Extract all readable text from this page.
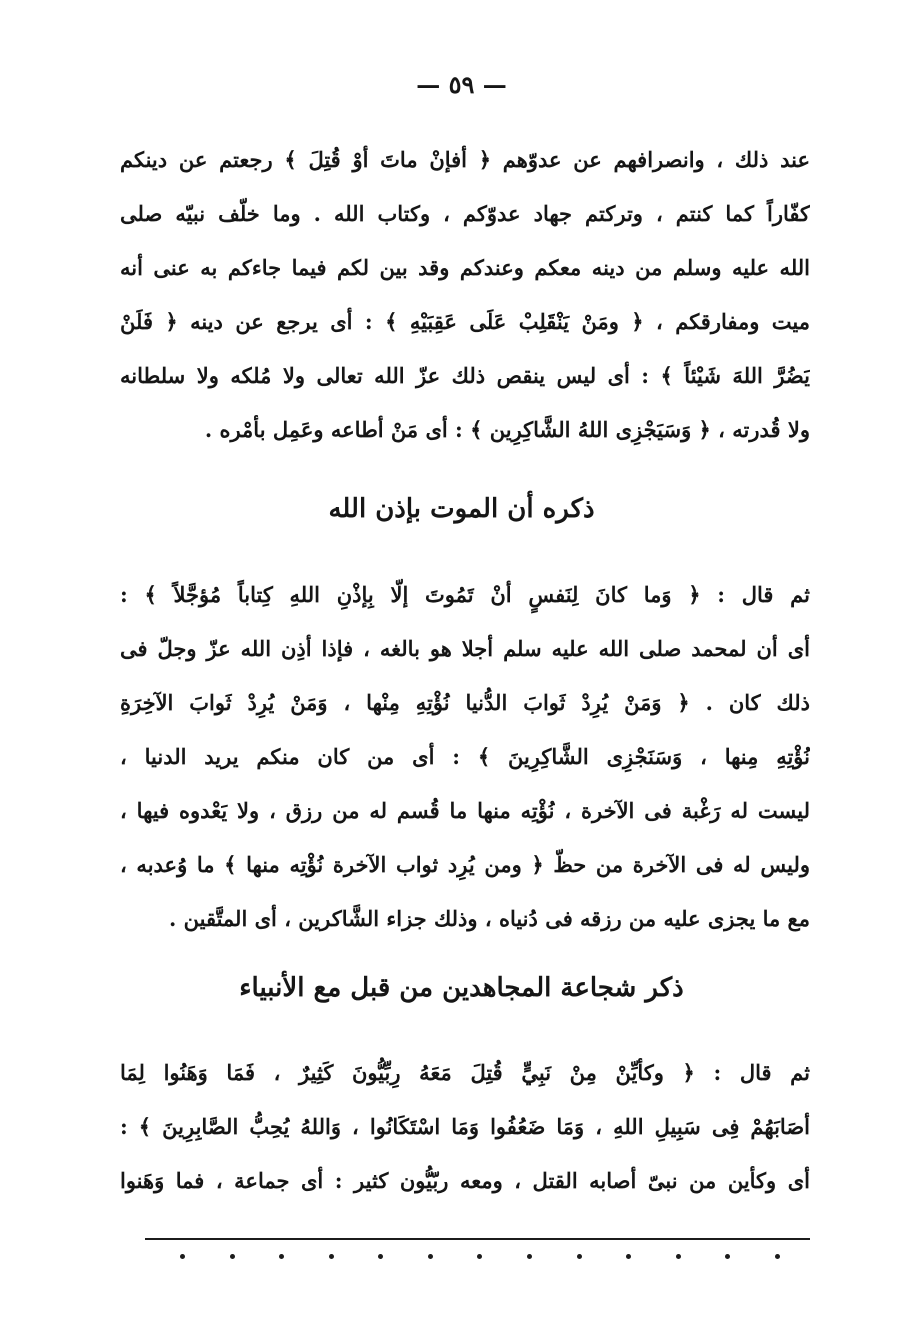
— ٥٩ —
عند ذلك ، وانصرافهم عن عدوّهم ﴿ أفإنْ ماتَ أوْ قُتِلَ ﴾ رجعتم عن دينكم
كفّاراً كما كنتم ، وتركتم جهاد عدوّكم ، وكتاب الله . وما خلّف نبيّه صلى
الله عليه وسلم من دينه معكم وعندكم وقد بين لكم فيما جاءكم به عنى أنه
ميت ومفارقكم ، ﴿ ومَنْ يَنْقَلِبْ عَلَى عَقِبَيْهِ ﴾ : أى يرجع عن دينه ﴿ فَلَنْ
يَضُرَّ اللهَ شَيْئاً ﴾ : أى ليس ينقص ذلك عزّ الله تعالى ولا مُلكه ولا سلطانه
ولا قُدرته ، ﴿ وَسَيَجْزِى اللهُ الشَّاكِرِين ﴾ : أى مَنْ أطاعه وعَمِل بأمْره .
ذكره أن الموت بإذن الله
ثم قال : ﴿ وَما كانَ لِنَفسٍ أنْ تَمُوتَ إلّا بِإذْنِ اللهِ كِتاباً مُؤجَّلاً ﴾ :
أى أن لمحمد صلى الله عليه سلم أجلا هو بالغه ، فإذا أذِن الله عزّ وجلّ فى
ذلك كان . ﴿ وَمَنْ يُرِدْ ثَوابَ الدُّنيا نُؤْتِهِ مِنْها ، وَمَنْ يُرِدْ ثَوابَ الآخِرَةِ
نُؤْتِهِ مِنها ، وَسَنَجْزِى الشَّاكِرِينَ ﴾ : أى من كان منكم يريد الدنيا ،
ليست له رَغْبة فى الآخرة ، نُؤْتِه منها ما قُسم له من رزق ، ولا يَعْدوه فيها ،
وليس له فى الآخرة من حظّ ﴿ ومن يُرِد ثواب الآخرة نُؤْتِه منها ﴾ ما وُعدبه ،
مع ما يجزى عليه من رزقه فى دُنياه ، وذلك جزاء الشَّاكرين ، أى المتَّقين .
ذكر شجاعة المجاهدين من قبل مع الأنبياء
ثم قال : ﴿ وكأيِّنْ مِنْ نَبِيٍّ قُتِلَ مَعَهُ رِبِّيُّونَ كَثِيرٌ ، فَمَا وَهَنُوا لِمَا
أصَابَهُمْ فِى سَبِيلِ اللهِ ، وَمَا ضَعُفُوا وَمَا اسْتَكَانُوا ، وَاللهُ يُحِبُّ الصَّابِرِينَ ﴾ :
أى وكأين من نبىّ أصابه القتل ، ومعه ربّيُّون كثير : أى جماعة ، فما وَهَنوا
